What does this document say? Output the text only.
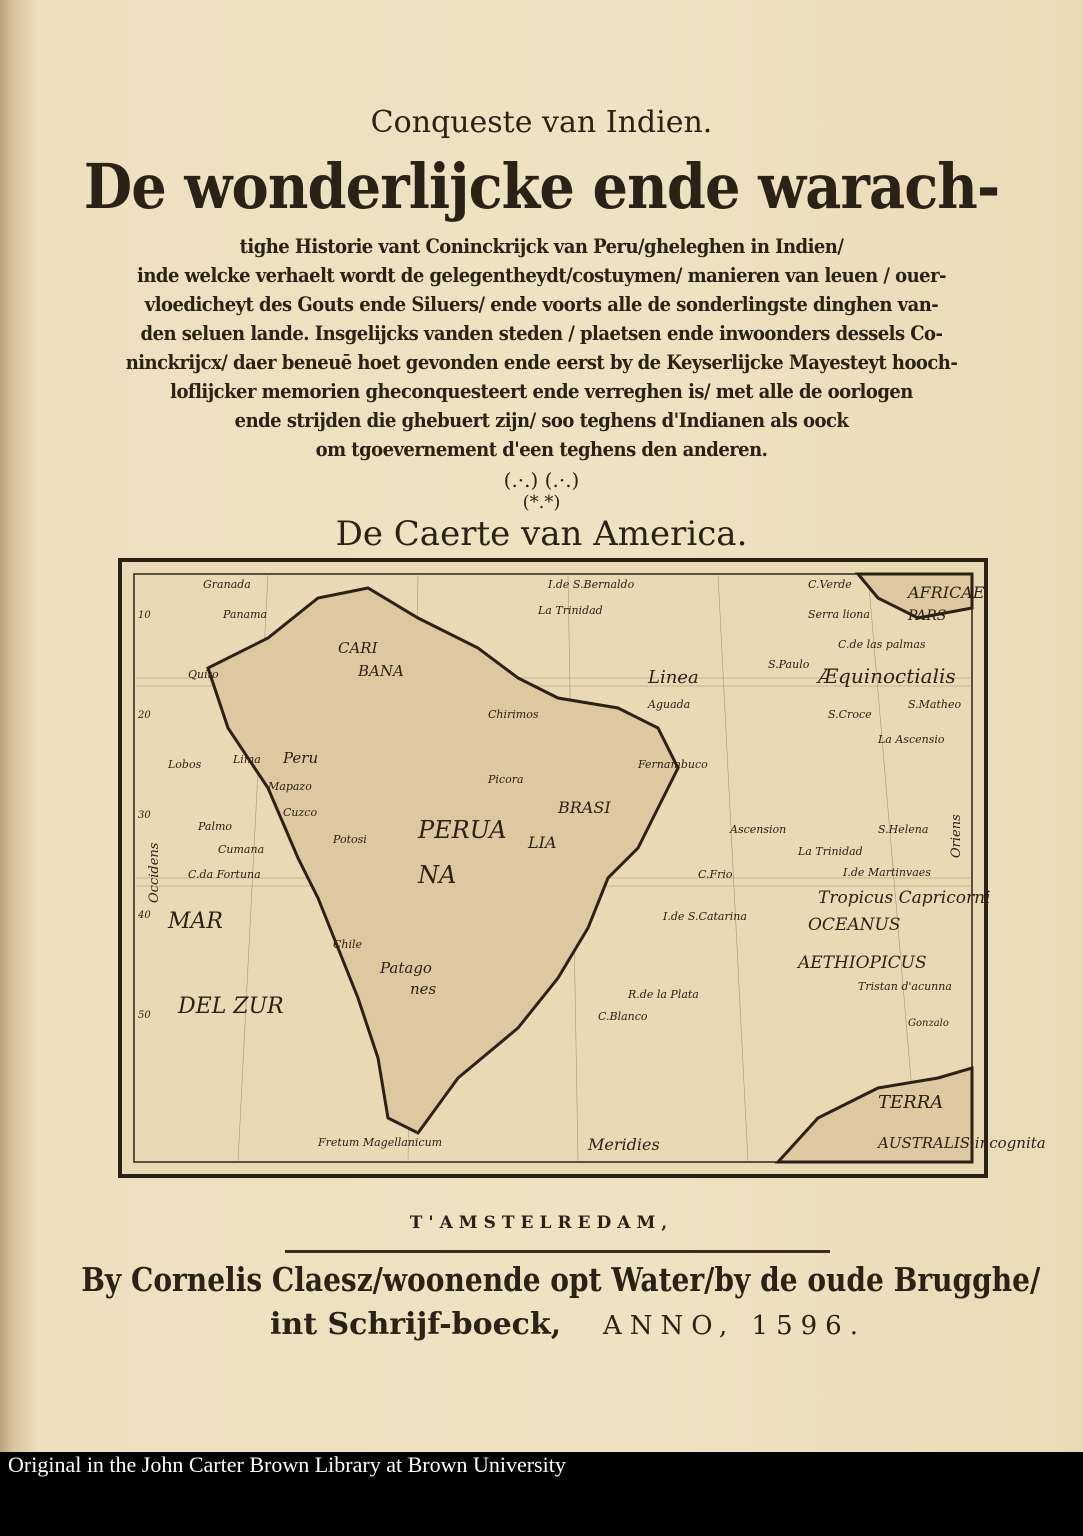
Conqueste van Indien.
De wonderlijcke ende warach-
tighe Historie vant Coninckrijck van Peru/gheleghen in Indien/
inde welcke verhaelt wordt de gelegentheydt/costuymen/ manieren van leuen / ouer-
vloedicheyt des Gouts ende Siluers/ ende voorts alle de sonderlingste dinghen van-
den seluen lande. Insgelijcks vanden steden / plaetsen ende inwoonders dessels Co-
ninckrijcx/ daer beneuē hoet gevonden ende eerst by de Keyserlijcke Mayesteyt hooch-
loflijcker memorien gheconquesteert ende verreghen is/ met alle de oorlogen
ende strijden die ghebuert zijn/ soo teghens d'Indianen als oock
om tgoevernement d'een teghens den anderen.
(.·.) (.·.)
(*.*)
De Caerte van America.
AFRICAE
PARS
Linea	Æquinoctialis
PERUA
NA
LIA
BRASI
Tropicus Capricorni
OCEANUS
AETHIOPICUS
MAR
DEL ZUR
TERRA
AUSTRALIS incognita
Meridies
Occidens
Oriens
Fretum Magellanicum
CARI
BANA
Peru
Patago
nes
C.Verde
Serra liona
C.de las palmas
S.Paulo
La Trinidad
I.de S.Bernaldo
Granada
Panama
Quito
Lima
Cuzco
Potosi
Chile
Lobos
Palmo
Cumana
C.da Fortuna
S.Helena
La Ascensio
S.Matheo
S.Croce
Tristan d'acunna
Gonzalo
C.Frio
R.de la Plata
C.Blanco
Fernambuco
Aguada
Picora
Mapazo
Chirimos
Ascension
La Trinidad
I.de Martinvaes
I.de S.Catarina
10
20
30
40
50
T'AMSTELREDAM,
By Cornelis Claesz/woonende opt Water/by de oude Brugghe/
int Schrijf-boeck, ANNO, 1596.
Original in the John Carter Brown Library at Brown University
